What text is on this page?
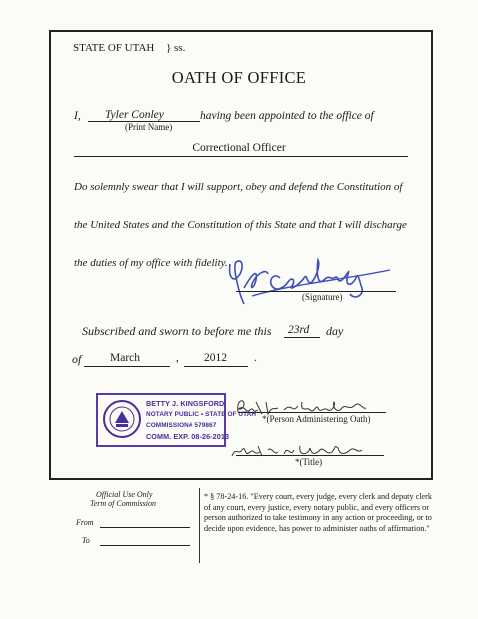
STATE OF UTAH } ss.
OATH OF OFFICE
I, Tyler Conley	having been appointed to the office of
(Print Name)
Correctional Officer
Do solemnly swear that I will support, obey and defend the Constitution of
the United States and the Constitution of this State and that I will discharge
the duties of my office with fidelity.
(Signature)
Subscribed and sworn to before me this 23rd day
of March	, 2012 .
BETTY J. KINGSFORD
NOTARY PUBLIC • STATE OF UTAH
COMMISSION# 579867
COMM. EXP. 08-26-2013
*(Person Administering Oath)
*(Title)
Official Use Only
Term of Commission
From
To
* § 78-24-16. "Every court, every judge, every clerk and deputy clerk of any court, every justice, every notary public, and every officers or person authorized to take testimony in any action or proceeding, or to decide upon evidence, has power to administer oaths of affirmation."
